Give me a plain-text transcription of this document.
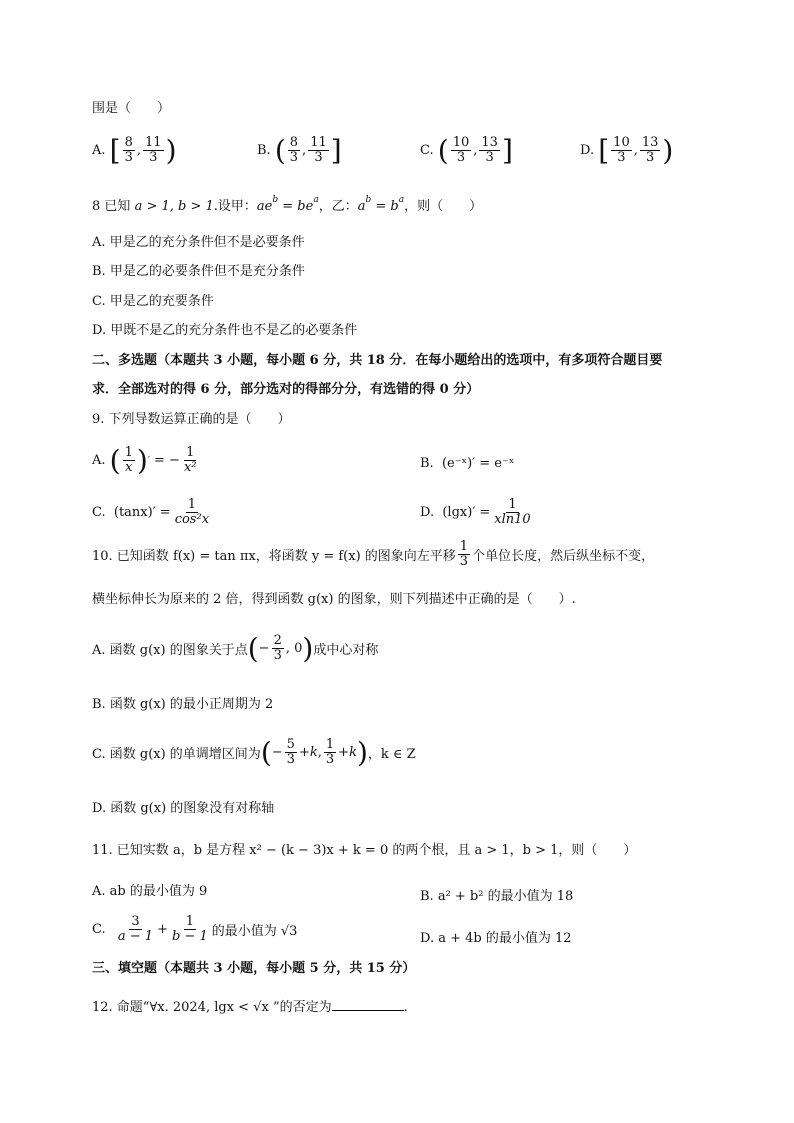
围是（　　）
A.
[ $\frac{8}{3}$ , $\frac{11}{3}$ )	B.
( $\frac{8}{3}$ , $\frac{11}{3}$ ]	C.
( $\frac{10}{3}$ , $\frac{13}{3}$ ]	D.
[ $\frac{10}{3}$ , $\frac{13}{3}$ )
8 已知 a > 1, b > 1.设甲：$ae^b = be^a$，乙：$a^b = b^a$，则（　　）
A. 甲是乙的充分条件但不是必要条件
B. 甲是乙的必要条件但不是充分条件
C. 甲是乙的充要条件
D. 甲既不是乙的充分条件也不是乙的必要条件
二、多选题（本题共 3 小题，每小题 6 分，共 18 分．在每小题给出的选项中，有多项符合题目要
求．全部选对的得 6 分，部分选对的得部分分，有选错的得 0 分）
9. 下列导数运算正确的是（　　）
A.
( $\frac{1}{x}$ ) ′
= − $\frac{1}{\text{x²}}$	B.
(e⁻ˣ)′ = e⁻ˣ
C.
$(\tan x)' = \frac{1}{\text{cos²x}}$	D.
$(\lg x)' = \frac{1}{xln10}$
10. 已知函数 f(x) = tan πx，将函数 y = f(x) 的图象向左平移 $\frac{1}{3}$ 个单位长度，然后纵坐标不变，
横坐标伸长为原来的 2 倍，得到函数 g(x) 的图象，则下列描述中正确的是（　　）.
A. 函数 g(x) 的图象关于点 ( − $\frac{2}{3}$ , 0 ) 成中心对称
B. 函数 g(x) 的最小正周期为 2
C. 函数 g(x) 的单调增区间为 ( − $\frac{5}{3} + k$ , $\frac{1}{3} + k$ ) ，k ∈ Z
D. 函数 g(x) 的图象没有对称轴
11. 已知实数 a，b 是方程 x² − (k − 3)x + k = 0 的两个根，且 a > 1，b > 1，则（　　）
A. ab 的最小值为 9	B. a² + b² 的最小值为 18
C.
$\frac{3}{a - 1} + \frac{1}{b - 1}$ 的最小值为 √3	D. a + 4b 的最小值为 12
三、填空题（本题共 3 小题，每小题 5 分，共 15 分）
12. 命题“∀x. 2024, lgx < √x ”的否定为	.
